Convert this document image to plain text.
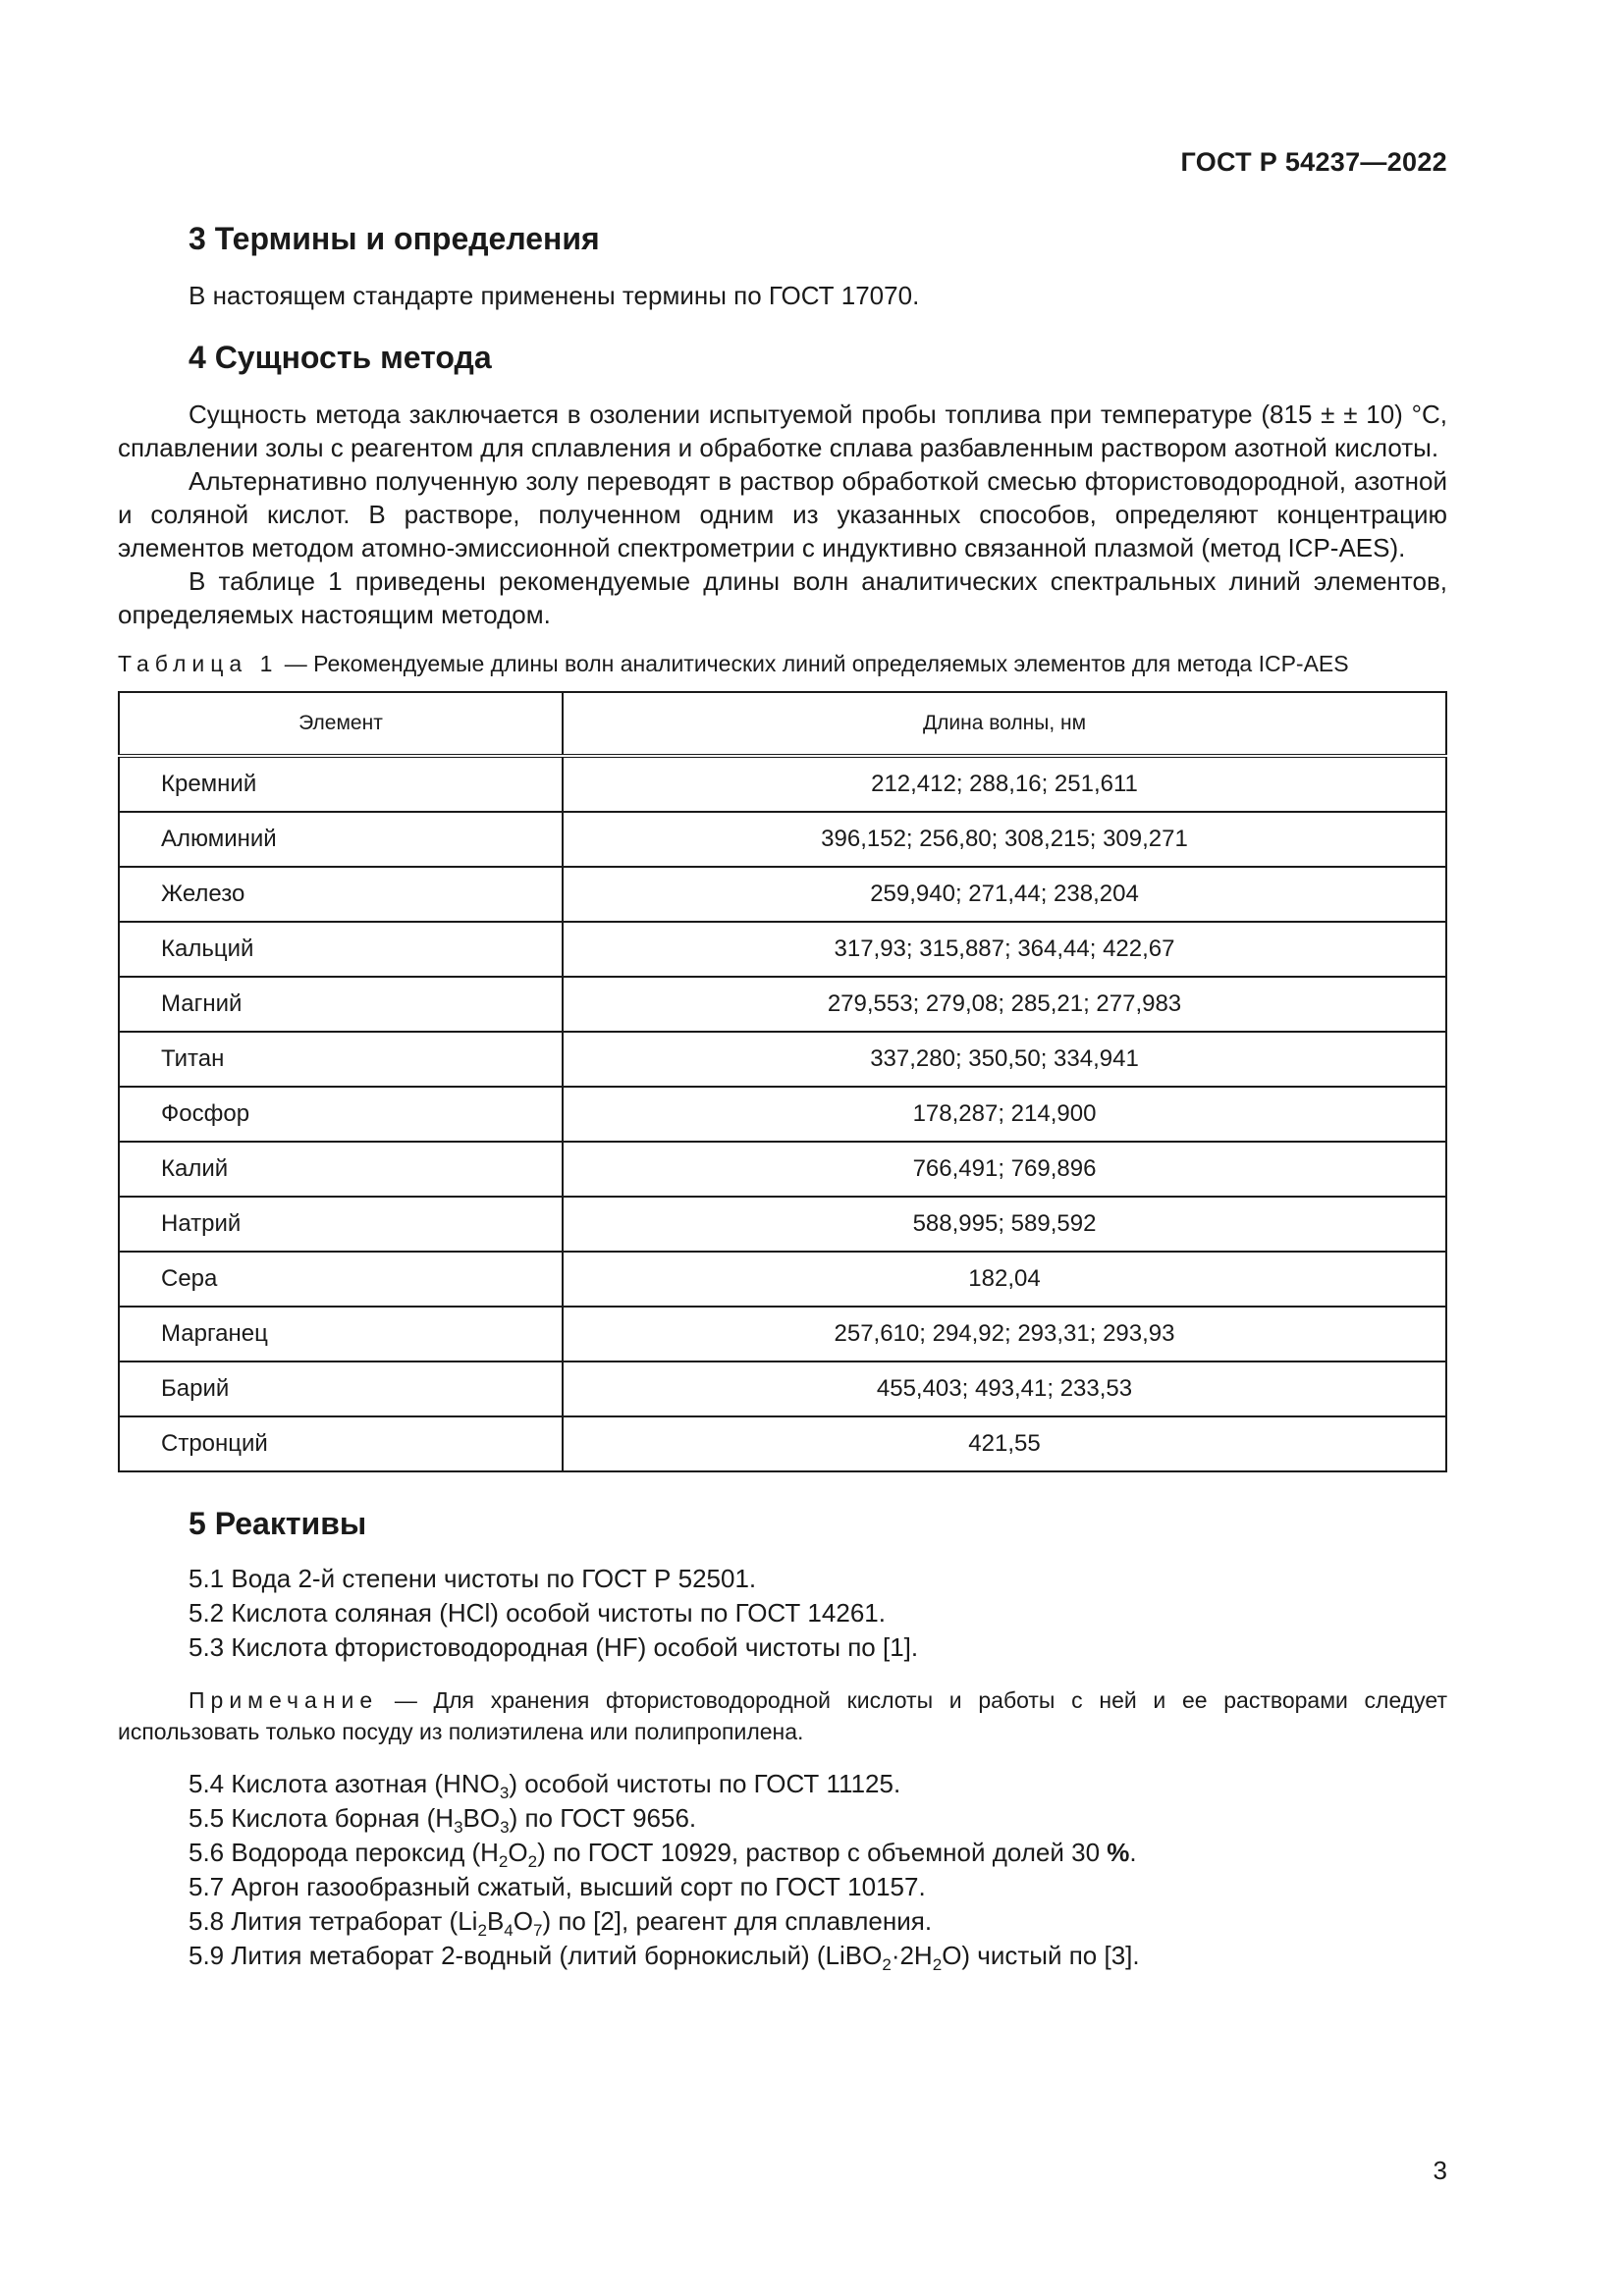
ГОСТ Р 54237—2022
3 Термины и определения

В настоящем стандарте применены термины по ГОСТ 17070.

4 Сущность метода

Сущность метода заключается в озолении испытуемой пробы топлива при температуре (815 ± ± 10) °С, сплавлении золы с реагентом для сплавления и обработке сплава разбавленным раствором азотной кислоты.

Альтернативно полученную золу переводят в раствор обработкой смесью фтористоводородной, азотной и соляной кислот. В растворе, полученном одним из указанных способов, определяют концентрацию элементов методом атомно-эмиссионной спектрометрии с индуктивно связанной плазмой (метод ICP-AES).

В таблице 1 приведены рекомендуемые длины волн аналитических спектральных линий элементов, определяемых настоящим методом.

Таблица 1 — Рекомендуемые длины волн аналитических линий определяемых элементов для метода ICP-AES

Элемент	Длина волны, нм
Кремний	212,412; 288,16; 251,611
Алюминий	396,152; 256,80; 308,215; 309,271
Железо	259,940; 271,44; 238,204
Кальций	317,93; 315,887; 364,44; 422,67
Магний	279,553; 279,08; 285,21; 277,983
Титан	337,280; 350,50; 334,941
Фосфор	178,287; 214,900
Калий	766,491; 769,896
Натрий	588,995; 589,592
Сера	182,04
Марганец	257,610; 294,92; 293,31; 293,93
Барий	455,403; 493,41; 233,53
Стронций	421,55
5 Реактивы

5.1 Вода 2-й степени чистоты по ГОСТ Р 52501.

5.2 Кислота соляная (HCl) особой чистоты по ГОСТ 14261.

5.3 Кислота фтористоводородная (HF) особой чистоты по [1].

Примечание — Для хранения фтористоводородной кислоты и работы с ней и ее растворами следует использовать только посуду из полиэтилена или полипропилена.

5.4 Кислота азотная $(HNO_3)$ особой чистоты по ГОСТ 11125.

5.5 Кислота борная $(H_3BO_3)$ по ГОСТ 9656.

5.6 Водорода пероксид $(H_2O_2)$ по ГОСТ 10929, раствор с объемной долей 30 %.

5.7 Аргон газообразный сжатый, высший сорт по ГОСТ 10157.

5.8 Лития тетраборат $(Li_2B_4O_7)$ по [2], реагент для сплавления.

5.9 Лития метаборат 2-водный (литий борнокислый) $(LiBO_2\cdot 2H_2O)$ чистый по [3].

3
